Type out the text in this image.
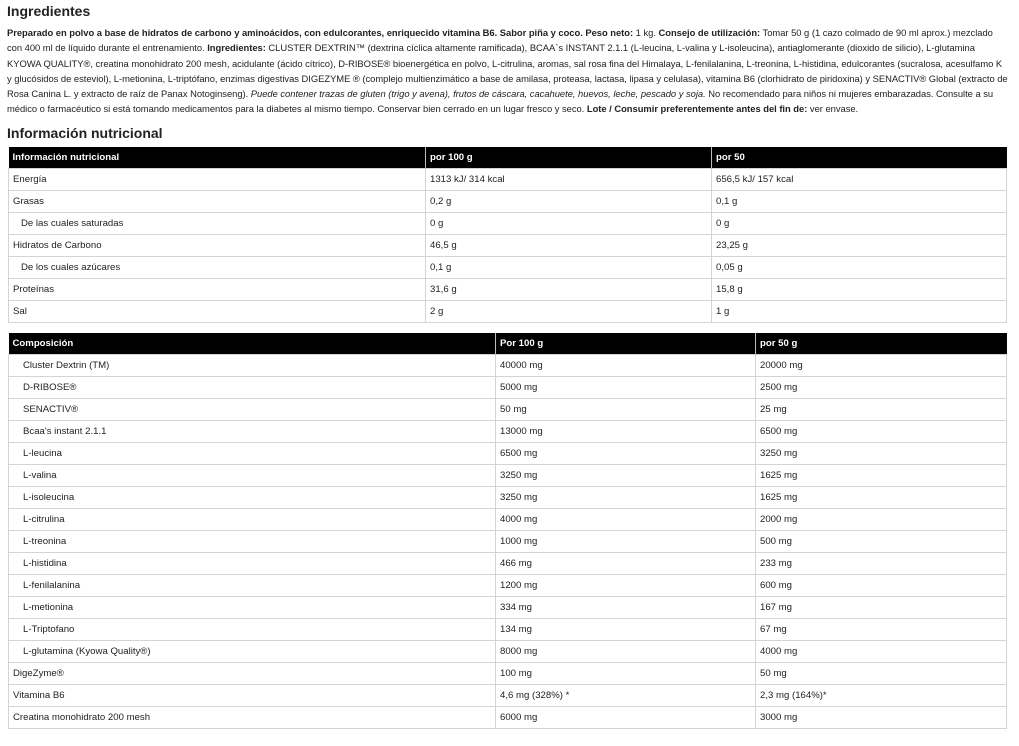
Ingredientes

Preparado en polvo a base de hidratos de carbono y aminoácidos, con edulcorantes, enriquecido vitamina B6. Sabor piña y coco. Peso neto: 1 kg. Consejo de utilización: Tomar 50 g (1 cazo colmado de 90 ml aprox.) mezclado con 400 ml de líquido durante el entrenamiento. Ingredientes: CLUSTER DEXTRIN™ (dextrina cíclica altamente ramificada), BCAA`s INSTANT 2.1.1 (L-leucina, L-valina y L-isoleucina), antiaglomerante (dioxido de silicio), L-glutamina KYOWA QUALITY®, creatina monohidrato 200 mesh, acidulante (ácido cítrico), D-RIBOSE® bioenergética en polvo, L-citrulina, aromas, sal rosa fina del Himalaya, L-fenilalanina, L-treonina, L-histidina, edulcorantes (sucralosa, acesulfamo K y glucósidos de esteviol), L-metionina, L-triptófano, enzimas digestivas DIGEZYME ® (complejo multienzimático a base de amilasa, proteasa, lactasa, lipasa y celulasa), vitamina B6 (clorhidrato de piridoxina) y SENACTIV® Global (extracto de Rosa Canina L. y extracto de raíz de Panax Notoginseng). Puede contener trazas de gluten (trigo y avena), frutos de cáscara, cacahuete, huevos, leche, pescado y soja. No recomendado para niños ni mujeres embarazadas. Consulte a su médico o farmacéutico si está tomando medicamentos para la diabetes al mismo tiempo. Conservar bien cerrado en un lugar fresco y seco. Lote / Consumir preferentemente antes del fin de: ver envase.

Información nutricional
Información nutricional	por 100 g	por 50
Energía	1313 kJ/ 314 kcal	656,5 kJ/ 157 kcal
Grasas	0,2 g	0,1 g
De las cuales saturadas	0 g	0 g
Hidratos de Carbono	46,5 g	23,25 g
De los cuales azúcares	0,1 g	0,05 g
Proteínas	31,6 g	15,8 g
Sal	2 g	1 g
Composición	Por 100 g	por 50 g
Cluster Dextrin (TM)	40000 mg	20000 mg
D-RIBOSE®	5000 mg	2500 mg
SENACTIV®	50 mg	25 mg
Bcaa's instant 2.1.1	13000 mg	6500 mg
L-leucina	6500 mg	3250 mg
L-valina	3250 mg	1625 mg
L-isoleucina	3250 mg	1625 mg
L-citrulina	4000 mg	2000 mg
L-treonina	1000 mg	500 mg
L-histidina	466 mg	233 mg
L-fenilalanina	1200 mg	600 mg
L-metionina	334 mg	167 mg
L-Triptofano	134 mg	67 mg
L-glutamina (Kyowa Quality®)	8000 mg	4000 mg
DigeZyme®	100 mg	50 mg
Vitamina B6	4,6 mg (328%) *	2,3 mg (164%)*
Creatina monohidrato 200 mesh	6000 mg	3000 mg
